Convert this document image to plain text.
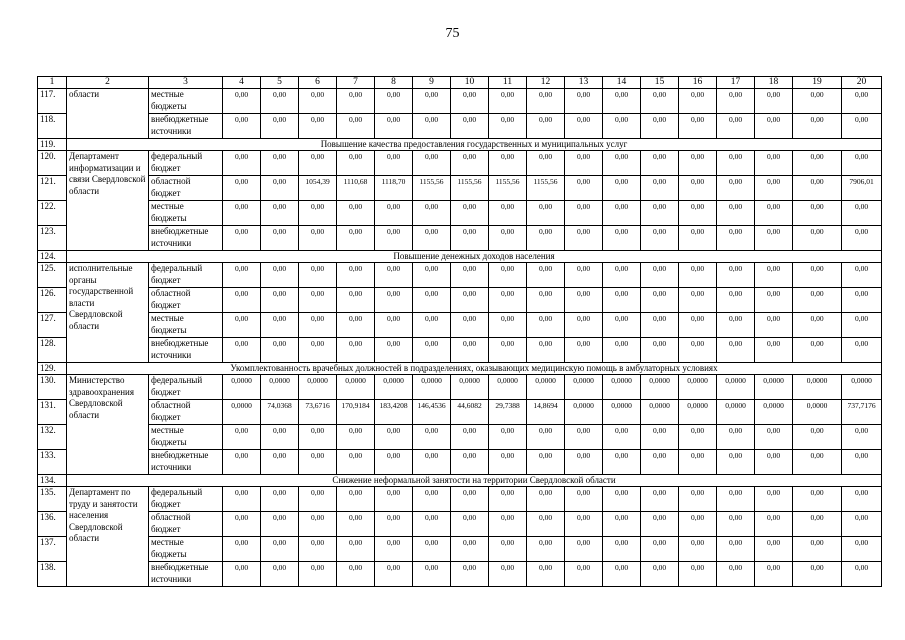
75
1	2	3	4	5	6	7	8	9	10	11	12	13	14	15	16	17	18	19	20
117.	области	местные бюджеты	0,00	0,00	0,00	0,00	0,00	0,00	0,00	0,00	0,00	0,00	0,00	0,00	0,00	0,00	0,00	0,00	0,00
118.		внебюджетные источники	0,00	0,00	0,00	0,00	0,00	0,00	0,00	0,00	0,00	0,00	0,00	0,00	0,00	0,00	0,00	0,00	0,00
119.	Повышение качества предоставления государственных и муниципальных услуг																		
120.	Департамент информатизации и связи Свердловской области	федеральный бюджет	0,00	0,00	0,00	0,00	0,00	0,00	0,00	0,00	0,00	0,00	0,00	0,00	0,00	0,00	0,00	0,00	0,00
121.		областной бюджет	0,00	0,00	1054,39	1110,68	1118,70	1155,56	1155,56	1155,56	1155,56	0,00	0,00	0,00	0,00	0,00	0,00	0,00	7906,01
122.		местные бюджеты	0,00	0,00	0,00	0,00	0,00	0,00	0,00	0,00	0,00	0,00	0,00	0,00	0,00	0,00	0,00	0,00	0,00
123.		внебюджетные источники	0,00	0,00	0,00	0,00	0,00	0,00	0,00	0,00	0,00	0,00	0,00	0,00	0,00	0,00	0,00	0,00	0,00
124.	Повышение денежных доходов населения																		
125.	исполнительные органы государственной власти Свердловской области	федеральный бюджет	0,00	0,00	0,00	0,00	0,00	0,00	0,00	0,00	0,00	0,00	0,00	0,00	0,00	0,00	0,00	0,00	0,00
126.		областной бюджет	0,00	0,00	0,00	0,00	0,00	0,00	0,00	0,00	0,00	0,00	0,00	0,00	0,00	0,00	0,00	0,00	0,00
127.		местные бюджеты	0,00	0,00	0,00	0,00	0,00	0,00	0,00	0,00	0,00	0,00	0,00	0,00	0,00	0,00	0,00	0,00	0,00
128.		внебюджетные источники	0,00	0,00	0,00	0,00	0,00	0,00	0,00	0,00	0,00	0,00	0,00	0,00	0,00	0,00	0,00	0,00	0,00
129.	Укомплектованность врачебных должностей в подразделениях, оказывающих медицинскую помощь в амбулаторных условиях																		
130.	Министерство здравоохранения Свердловской области	федеральный бюджет	0,0000	0,0000	0,0000	0,0000	0,0000	0,0000	0,0000	0,0000	0,0000	0,0000	0,0000	0,0000	0,0000	0,0000	0,0000	0,0000	0,0000
131.		областной бюджет	0,0000	74,0368	73,6716	170,9184	183,4208	146,4536	44,6082	29,7388	14,8694	0,0000	0,0000	0,0000	0,0000	0,0000	0,0000	0,0000	737,7176
132.		местные бюджеты	0,00	0,00	0,00	0,00	0,00	0,00	0,00	0,00	0,00	0,00	0,00	0,00	0,00	0,00	0,00	0,00	0,00
133.		внебюджетные источники	0,00	0,00	0,00	0,00	0,00	0,00	0,00	0,00	0,00	0,00	0,00	0,00	0,00	0,00	0,00	0,00	0,00
134.	Снижение неформальной занятости на территории Свердловской области																		
135.	Департамент по труду и занятости населения Свердловской области	федеральный бюджет	0,00	0,00	0,00	0,00	0,00	0,00	0,00	0,00	0,00	0,00	0,00	0,00	0,00	0,00	0,00	0,00	0,00
136.		областной бюджет	0,00	0,00	0,00	0,00	0,00	0,00	0,00	0,00	0,00	0,00	0,00	0,00	0,00	0,00	0,00	0,00	0,00
137.		местные бюджеты	0,00	0,00	0,00	0,00	0,00	0,00	0,00	0,00	0,00	0,00	0,00	0,00	0,00	0,00	0,00	0,00	0,00
138.		внебюджетные источники	0,00	0,00	0,00	0,00	0,00	0,00	0,00	0,00	0,00	0,00	0,00	0,00	0,00	0,00	0,00	0,00	0,00
